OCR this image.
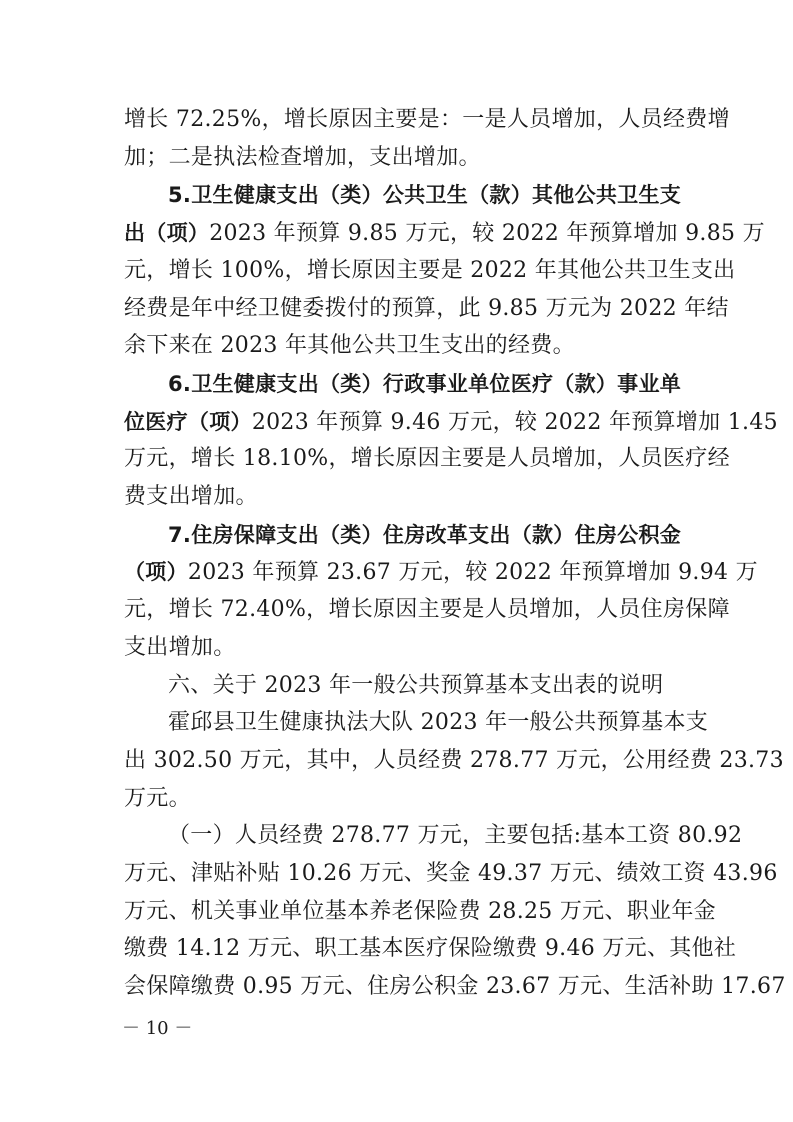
增长 72.25%，增长原因主要是：一是人员增加，人员经费增
加；二是执法检查增加，支出增加。
5.卫生健康支出（类）公共卫生（款）其他公共卫生支
出（项）2023 年预算 9.85 万元，较 2022 年预算增加 9.85 万
元，增长 100%，增长原因主要是 2022 年其他公共卫生支出
经费是年中经卫健委拨付的预算，此 9.85 万元为 2022 年结
余下来在 2023 年其他公共卫生支出的经费。
6.卫生健康支出（类）行政事业单位医疗（款）事业单
位医疗（项）2023 年预算 9.46 万元，较 2022 年预算增加 1.45
万元，增长 18.10%，增长原因主要是人员增加，人员医疗经
费支出增加。
7.住房保障支出（类）住房改革支出（款）住房公积金
（项）2023 年预算 23.67 万元，较 2022 年预算增加 9.94 万
元，增长 72.40%，增长原因主要是人员增加，人员住房保障
支出增加。
六、关于 2023 年一般公共预算基本支出表的说明
霍邱县卫生健康执法大队 2023 年一般公共预算基本支
出 302.50 万元，其中，人员经费 278.77 万元，公用经费 23.73
万元。
（一）人员经费 278.77 万元，主要包括:基本工资 80.92
万元、津贴补贴 10.26 万元、奖金 49.37 万元、绩效工资 43.96
万元、机关事业单位基本养老保险费 28.25 万元、职业年金
缴费 14.12 万元、职工基本医疗保险缴费 9.46 万元、其他社
会保障缴费 0.95 万元、住房公积金 23.67 万元、生活补助 17.67
－ 10 －
